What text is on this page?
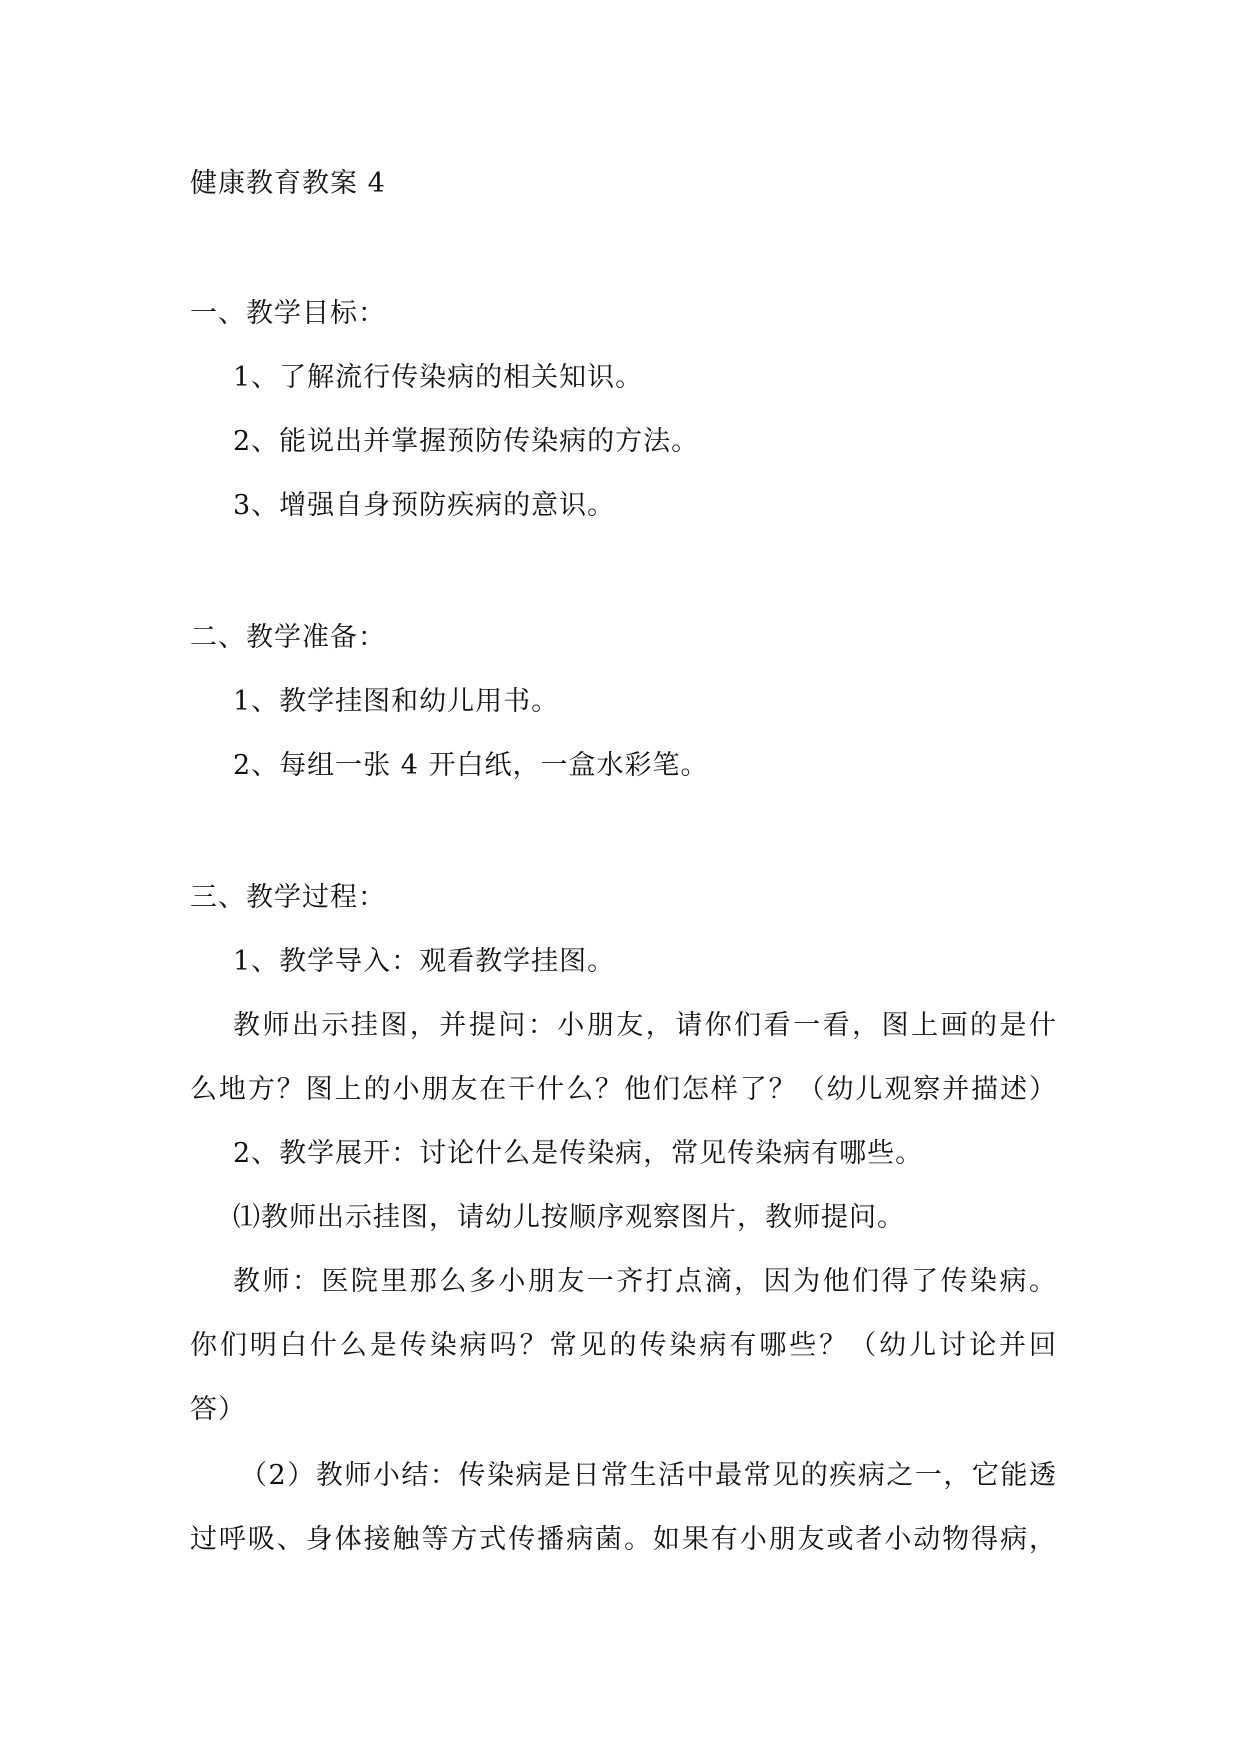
健康教育教案 4
一、教学目标：
1、了解流行传染病的相关知识。
2、能说出并掌握预防传染病的方法。
3、增强自身预防疾病的意识。
二、教学准备：
1、教学挂图和幼儿用书。
2、每组一张 4 开白纸，一盒水彩笔。
三、教学过程：
1、教学导入：观看教学挂图。
教师出示挂图，并提问：小朋友，请你们看一看，图上画的是什
么地方？图上的小朋友在干什么？他们怎样了？（幼儿观察并描述）
2、教学展开：讨论什么是传染病，常见传染病有哪些。
⑴教师出示挂图，请幼儿按顺序观察图片，教师提问。
教师：医院里那么多小朋友一齐打点滴，因为他们得了传染病。
你们明白什么是传染病吗？常见的传染病有哪些？（幼儿讨论并回
答）
（2）教师小结：传染病是日常生活中最常见的疾病之一，它能透
过呼吸、身体接触等方式传播病菌。如果有小朋友或者小动物得病，
